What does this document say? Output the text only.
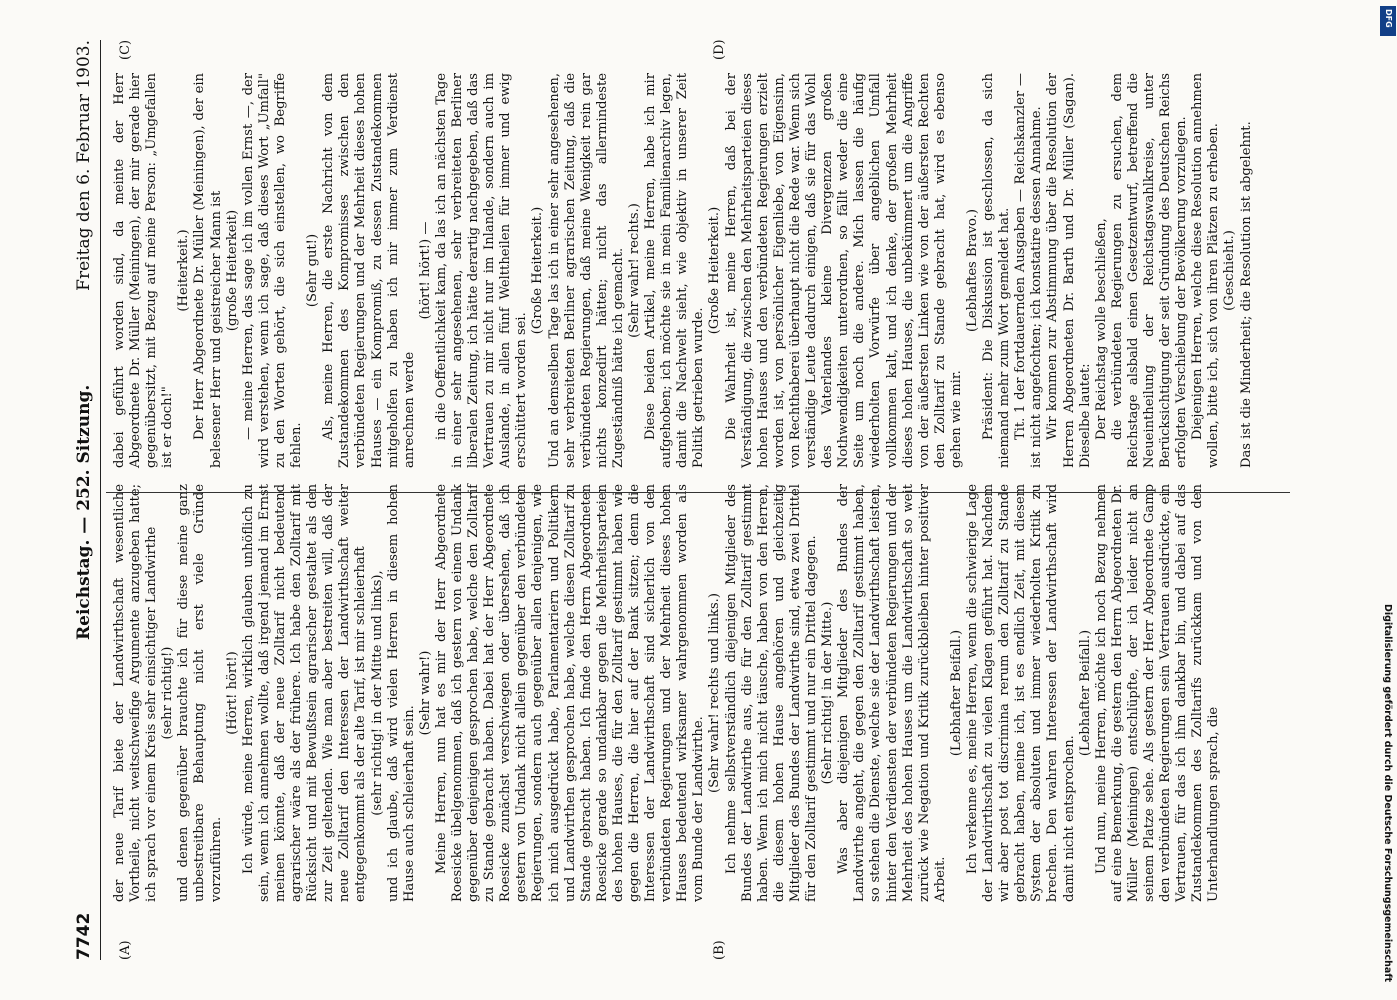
7742
Reichstag. — 252. Sitzung.
Freitag den 6. Februar 1903.
(A)	(B)
(C)	(D)

der neue Tarif biete der Landwirthschaft wesentliche Vortheile, nicht weitschweifige Argumente anzugeben hatte; ich sprach vor einem Kreis sehr einsichtiger Landwirthe (sehr richtig!) und denen gegenüber brauchte ich für diese meine ganz unbestreitbare Behauptung nicht erst viele Gründe vorzuführen.

(Hört! hört!) Ich würde, meine Herren, wirklich glauben unhöflich zu sein, wenn ich annehmen wollte, daß irgend jemand im Ernst meinen könnte, daß der neue Zolltarif nicht bedeutend agrarischer wäre als der frühere. Ich habe den Zolltarif mit Rücksicht und mit Bewußtsein agrarischer gestaltet als den zur Zeit geltenden. Wie man aber bestreiten will, daß der neue Zolltarif den Interessen der Landwirthschaft weiter entgegenkommt als der alte Tarif, ist mir schleierhaft (sehr richtig! in der Mitte und links), und ich glaube, daß wird vielen Herren in diesem hohen Hause auch schleierhaft sein.

(Sehr wahr!) Meine Herren, nun hat es mir der Herr Abgeordnete Roesicke übelgenommen, daß ich gestern von einem Undank gegenüber denjenigen gesprochen habe, welche den Zolltarif zu Stande gebracht haben. Dabei hat der Herr Abgeordnete Roesicke zunächst verschwiegen oder übersehen, daß ich gestern von Undank nicht allein gegenüber den verbündeten Regierungen, sondern auch gegenüber allen denjenigen, wie ich mich ausgedrückt habe, Parlamentariern und Politikern und Landwirthen gesprochen habe, welche diesen Zolltarif zu Stande gebracht haben. Ich finde den Herrn Abgeordneten Roesicke gerade so undankbar gegen die Mehrheitsparteien des hohen Hauses, die für den Zolltarif gestimmt haben wie gegen die Herren, die hier auf der Bank sitzen; denn die Interessen der Landwirthschaft sind sicherlich von den verbündeten Regierungen und der Mehrheit dieses hohen Hauses bedeutend wirksamer wahrgenommen worden als vom Bunde der Landwirthe.

(Sehr wahr! rechts und links.) Ich nehme selbstverständlich diejenigen Mitglieder des Bundes der Landwirthe aus, die für den Zolltarif gestimmt haben. Wenn ich mich nicht täusche, haben von den Herren, die diesem hohen Hause angehören und gleichzeitig Mitglieder des Bundes der Landwirthe sind, etwa zwei Drittel für den Zolltarif gestimmt und nur ein Drittel dagegen. (Sehr richtig! in der Mitte.) Was aber diejenigen Mitglieder des Bundes der Landwirthe angeht, die gegen den Zolltarif gestimmt haben, so stehen die Dienste, welche sie der Landwirthschaft leisten, hinter den Verdiensten der verbündeten Regierungen und der Mehrheit des hohen Hauses um die Landwirthschaft so weit zurück wie Negation und Kritik zurückbleiben hinter positiver Arbeit.

(Lebhafter Beifall.) Ich verkenne es, meine Herren, wenn die schwierige Lage der Landwirthschaft zu vielen Klagen geführt hat. Nachdem wir aber post tot discrimina rerum den Zolltarif zu Stande gebracht haben, meine ich, ist es endlich Zeit, mit diesem System der absoluten und immer wiederholten Kritik zu brechen. Den wahren Interessen der Landwirthschaft wird damit nicht entsprochen.

(Lebhafter Beifall.) Und nun, meine Herren, möchte ich noch Bezug nehmen auf eine Bemerkung, die gestern den Herrn Abgeordneten Dr. Müller (Meiningen) entschlüpfte, der ich leider nicht an seinem Platze sehe. Als gestern der Herr Abgeordnete Gamp den verbündeten Regierungen sein Vertrauen ausdrückte, ein Vertrauen, für das ich ihm dankbar bin, und dabei auf das Zustandekommen des Zolltarifs zurückkam und von den Unterhandlungen sprach, die

dabei geführt worden sind, da meinte der Herr Abgeordnete Dr. Müller (Meiningen), der mir gerade hier gegenübersitzt, mit Bezug auf meine Person: „Umgefallen ist er doch!"

(Heiterkeit.) Der Herr Abgeordnete Dr. Müller (Meiningen), der ein belesener Herr und geistreicher Mann ist (große Heiterkeit) — meine Herren, das sage ich im vollen Ernst —, der wird verstehen, wenn ich sage, daß dieses Wort „Umfall" zu den Worten gehört, die sich einstellen, wo Begriffe fehlen.

(Sehr gut!) Als, meine Herren, die erste Nachricht von dem Zustandekommen des Kompromisses zwischen den verbündeten Regierungen und der Mehrheit dieses hohen Hauses — ein Kompromiß, zu dessen Zustandekommen mitgeholfen zu haben ich mir immer zum Verdienst anrechnen werde

(hört! hört!) — in die Oeffentlichkeit kam, da las ich an nächsten Tage in einer sehr angesehenen, sehr verbreiteten Berliner liberalen Zeitung, ich hätte derartig nachgegeben, daß das Vertrauen zu mir nicht nur im Inlande, sondern auch im Auslande, in allen fünf Welttheilen für immer und ewig erschüttert worden sei.

(Große Heiterkeit.) Und an demselben Tage las ich in einer sehr angesehenen, sehr verbreiteten Berliner agrarischen Zeitung, daß die verbündeten Regierungen, daß meine Wenigkeit rein gar nichts konzedirt hätten; nicht das allermindeste Zugeständniß hätte ich gemacht. (Sehr wahr! rechts.) Diese beiden Artikel, meine Herren, habe ich mir aufgehoben; ich möchte sie in mein Familienarchiv legen, damit die Nachwelt sieht, wie objektiv in unserer Zeit Politik getrieben wurde.

(Große Heiterkeit.) Die Wahrheit ist, meine Herren, daß bei der Verständigung, die zwischen den Mehrheitsparteien dieses hohen Hauses und den verbündeten Regierungen erzielt worden ist, von persönlicher Eigenliebe, von Eigensinn, von Rechthaberei überhaupt nicht die Rede war. Wenn sich verständige Leute dadurch einigen, daß sie für das Wohl des Vaterlandes kleine Divergenzen großen Nothwendigkeiten unterordnen, so fällt weder die eine Seite um noch die andere. Mich lassen die häufig wiederholten Vorwürfe über angeblichen Umfall vollkommen kalt, und ich denke, der großen Mehrheit dieses hohen Hauses, die unbekümmert um die Angriffe von der äußersten Linken wie von der äußersten Rechten den Zolltarif zu Stande gebracht hat, wird es ebenso gehen wie mir.

(Lebhaftes Bravo.) Präsident: Die Diskussion ist geschlossen, da sich niemand mehr zum Wort gemeldet hat. Tit. 1 der fortdauernden Ausgaben — Reichskanzler — ist nicht angefochten; ich konstatire dessen Annahme. Wir kommen zur Abstimmung über die Resolution der Herren Abgeordneten Dr. Barth und Dr. Müller (Sagan). Dieselbe lautet: Der Reichstag wolle beschließen, die verbündeten Regierungen zu ersuchen, dem Reichstage alsbald einen Gesetzentwurf, betreffend die Neueintheilung der Reichstagswahlkreise, unter Berücksichtigung der seit Gründung des Deutschen Reichs erfolgten Verschiebung der Bevölkerung vorzulegen. Diejenigen Herren, welche diese Resolution annehmen wollen, bitte ich, sich von ihren Plätzen zu erheben. (Geschieht.) Das ist die Minderheit; die Resolution ist abgelehnt.

DFG
Digitalisierung gefördert durch die Deutsche Forschungsgemeinschaft
